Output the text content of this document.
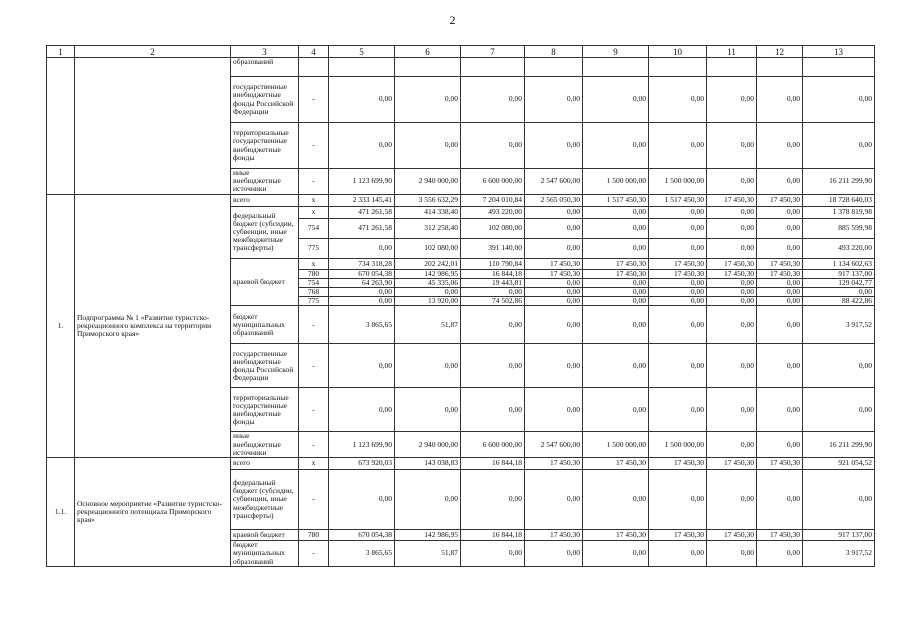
2
1	2	3	4	5	6	7	8	9	10	11	12	13
		образований										
		государственные внебюджетные фонды Российской Федерации	-	0,00	0,00	0,00	0,00	0,00	0,00	0,00	0,00	0,00
		территориальные государственные внебюджетные фонды	-	0,00	0,00	0,00	0,00	0,00	0,00	0,00	0,00	0,00
		иные внебюджетные источники	-	1 123 699,90	2 940 000,00	6 600 000,00	2 547 600,00	1 500 000,00	1 500 000,00	0,00	0,00	16 211 299,90
1.	Подпрограмма № 1 «Развитие туристско-рекреационного комплекса на территории Приморского края»	всего	x	2 333 145,41	3 556 632,29	7 204 010,84	2 565 050,30	1 517 450,30	1 517 450,30	17 450,30	17 450,30	18 728 640,03
		федеральный бюджет (субсидии, субвенции, иные межбюджетные трансферты)	x	471 261,58	414 338,40	493 220,00	0,00	0,00	0,00	0,00	0,00	1 378 819,98
			754	471 261,58	312 258,40	102 080,00	0,00	0,00	0,00	0,00	0,00	885 599,98
			775	0,00	102 080,00	391 140,00	0,00	0,00	0,00	0,00	0,00	493 220,00
		краевой бюджет	x	734 318,28	202 242,01	110 790,84	17 450,30	17 450,30	17 450,30	17 450,30	17 450,30	1 134 602,63
			780	670 054,38	142 986,95	16 844,18	17 450,30	17 450,30	17 450,30	17 450,30	17 450,30	917 137,00
			754	64 263,90	45 335,06	19 443,81	0,00	0,00	0,00	0,00	0,00	129 042,77
			768	0,00	0,00	0,00	0,00	0,00	0,00	0,00	0,00	0,00
			775	0,00	13 920,00	74 502,86	0,00	0,00	0,00	0,00	0,00	88 422,86
		бюджет муниципальных образований	-	3 865,65	51,87	0,00	0,00	0,00	0,00	0,00	0,00	3 917,52
		государственные внебюджетные фонды Российской Федерации	-	0,00	0,00	0,00	0,00	0,00	0,00	0,00	0,00	0,00
		территориальные государственные внебюджетные фонды	-	0,00	0,00	0,00	0,00	0,00	0,00	0,00	0,00	0,00
		иные внебюджетные источники	-	1 123 699,90	2 940 000,00	6 600 000,00	2 547 600,00	1 500 000,00	1 500 000,00	0,00	0,00	16 211 299,90
1.1.	Основное мероприятие «Развитие туристско-рекреационного потенциала Приморского края»	всего	x	673 920,03	143 038,83	16 844,18	17 450,30	17 450,30	17 450,30	17 450,30	17 450,30	921 054,52
		федеральный бюджет (субсидии, субвенции, иные межбюджетные трансферты)	-	0,00	0,00	0,00	0,00	0,00	0,00	0,00	0,00	0,00
		краевой бюджет	780	670 054,38	142 986,95	16 844,18	17 450,30	17 450,30	17 450,30	17 450,30	17 450,30	917 137,00
		бюджет муниципальных образований	-	3 865,65	51,87	0,00	0,00	0,00	0,00	0,00	0,00	3 917,52
